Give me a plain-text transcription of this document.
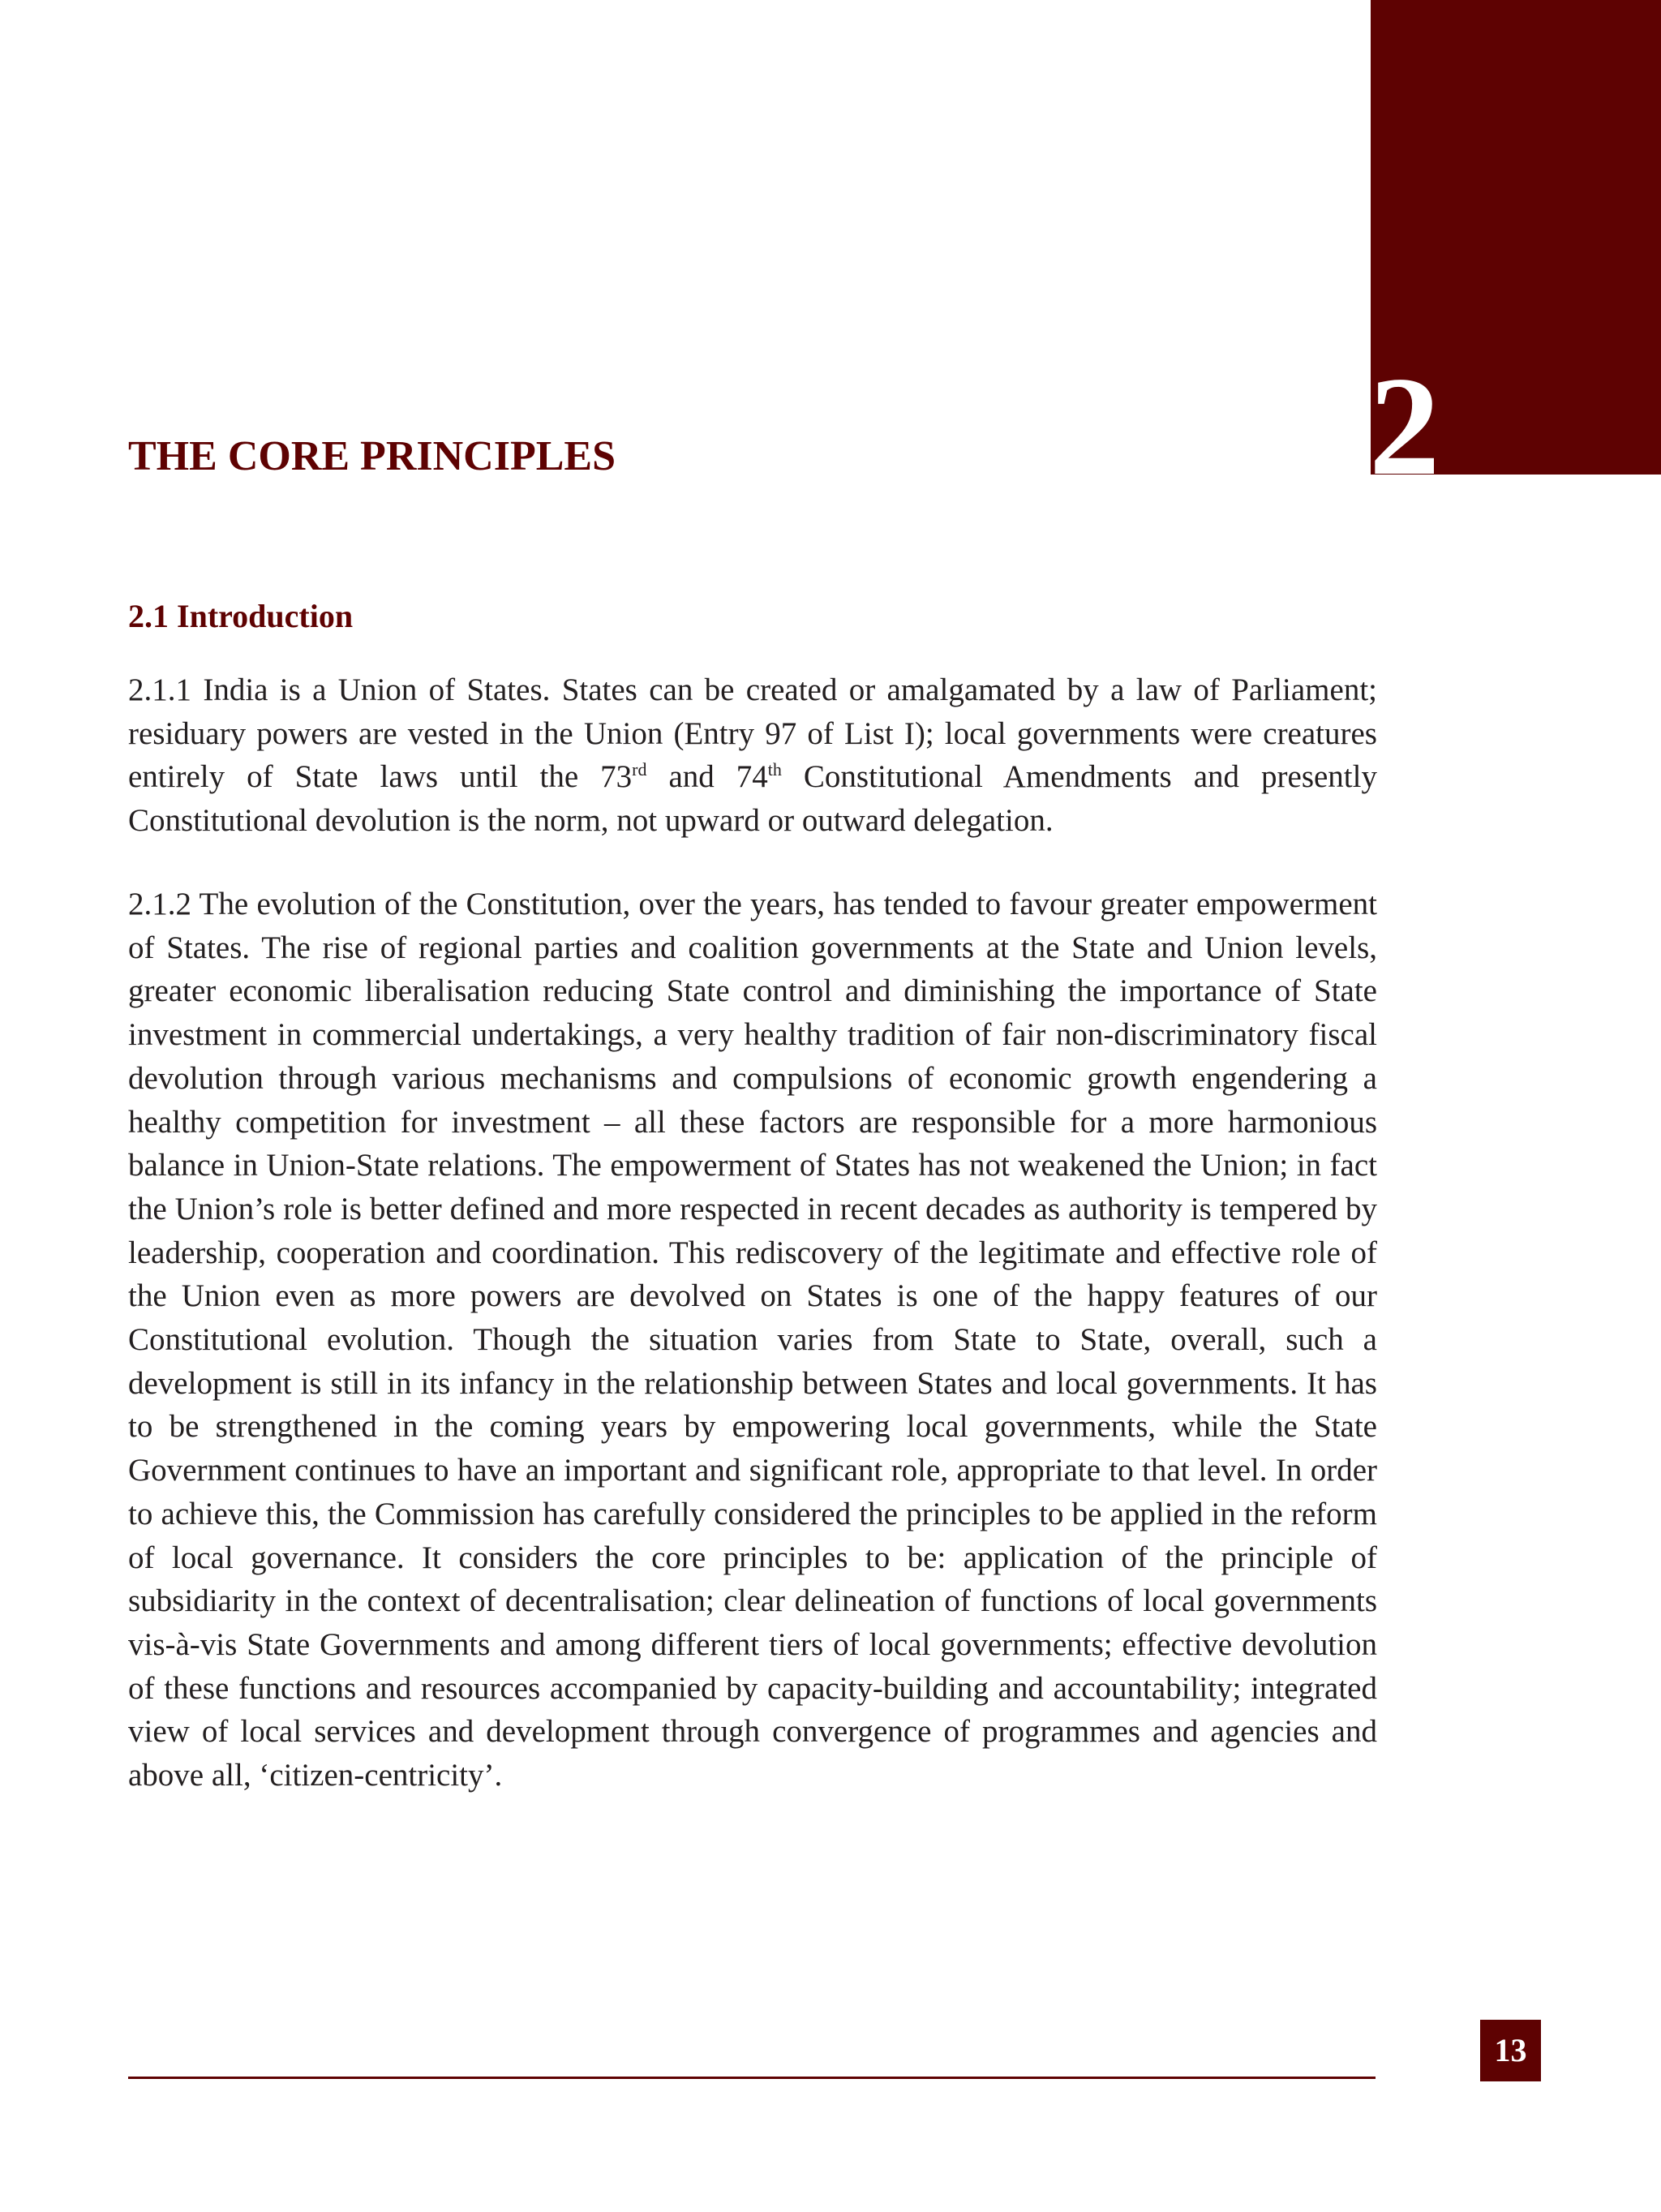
2
THE CORE PRINCIPLES
2.1 Introduction

2.1.1 India is a Union of States. States can be created or amalgamated by a law of Parliament; residuary powers are vested in the Union (Entry 97 of List I); local governments were creatures entirely of State laws until the 73rd and 74th Constitutional Amendments and presently Constitutional devolution is the norm, not upward or outward delegation.

2.1.2 The evolution of the Constitution, over the years, has tended to favour greater empowerment of States. The rise of regional parties and coalition governments at the State and Union levels, greater economic liberalisation reducing State control and diminishing the importance of State investment in commercial undertakings, a very healthy tradition of fair non-discriminatory fiscal devolution through various mechanisms and compulsions of economic growth engendering a healthy competition for investment – all these factors are responsible for a more harmonious balance in Union-State relations. The empowerment of States has not weakened the Union; in fact the Union’s role is better defined and more respected in recent decades as authority is tempered by leadership, cooperation and coordination. This rediscovery of the legitimate and effective role of the Union even as more powers are devolved on States is one of the happy features of our Constitutional evolution. Though the situation varies from State to State, overall, such a development is still in its infancy in the relationship between States and local governments. It has to be strengthened in the coming years by empowering local governments, while the State Government continues to have an important and significant role, appropriate to that level. In order to achieve this, the Commission has carefully considered the principles to be applied in the reform of local governance. It considers the core principles to be: application of the principle of subsidiarity in the context of decentralisation; clear delineation of functions of local governments vis-à-vis State Governments and among different tiers of local governments; effective devolution of these functions and resources accompanied by capacity-building and accountability; integrated view of local services and development through convergence of programmes and agencies and above all, ‘citizen-centricity’.

13
